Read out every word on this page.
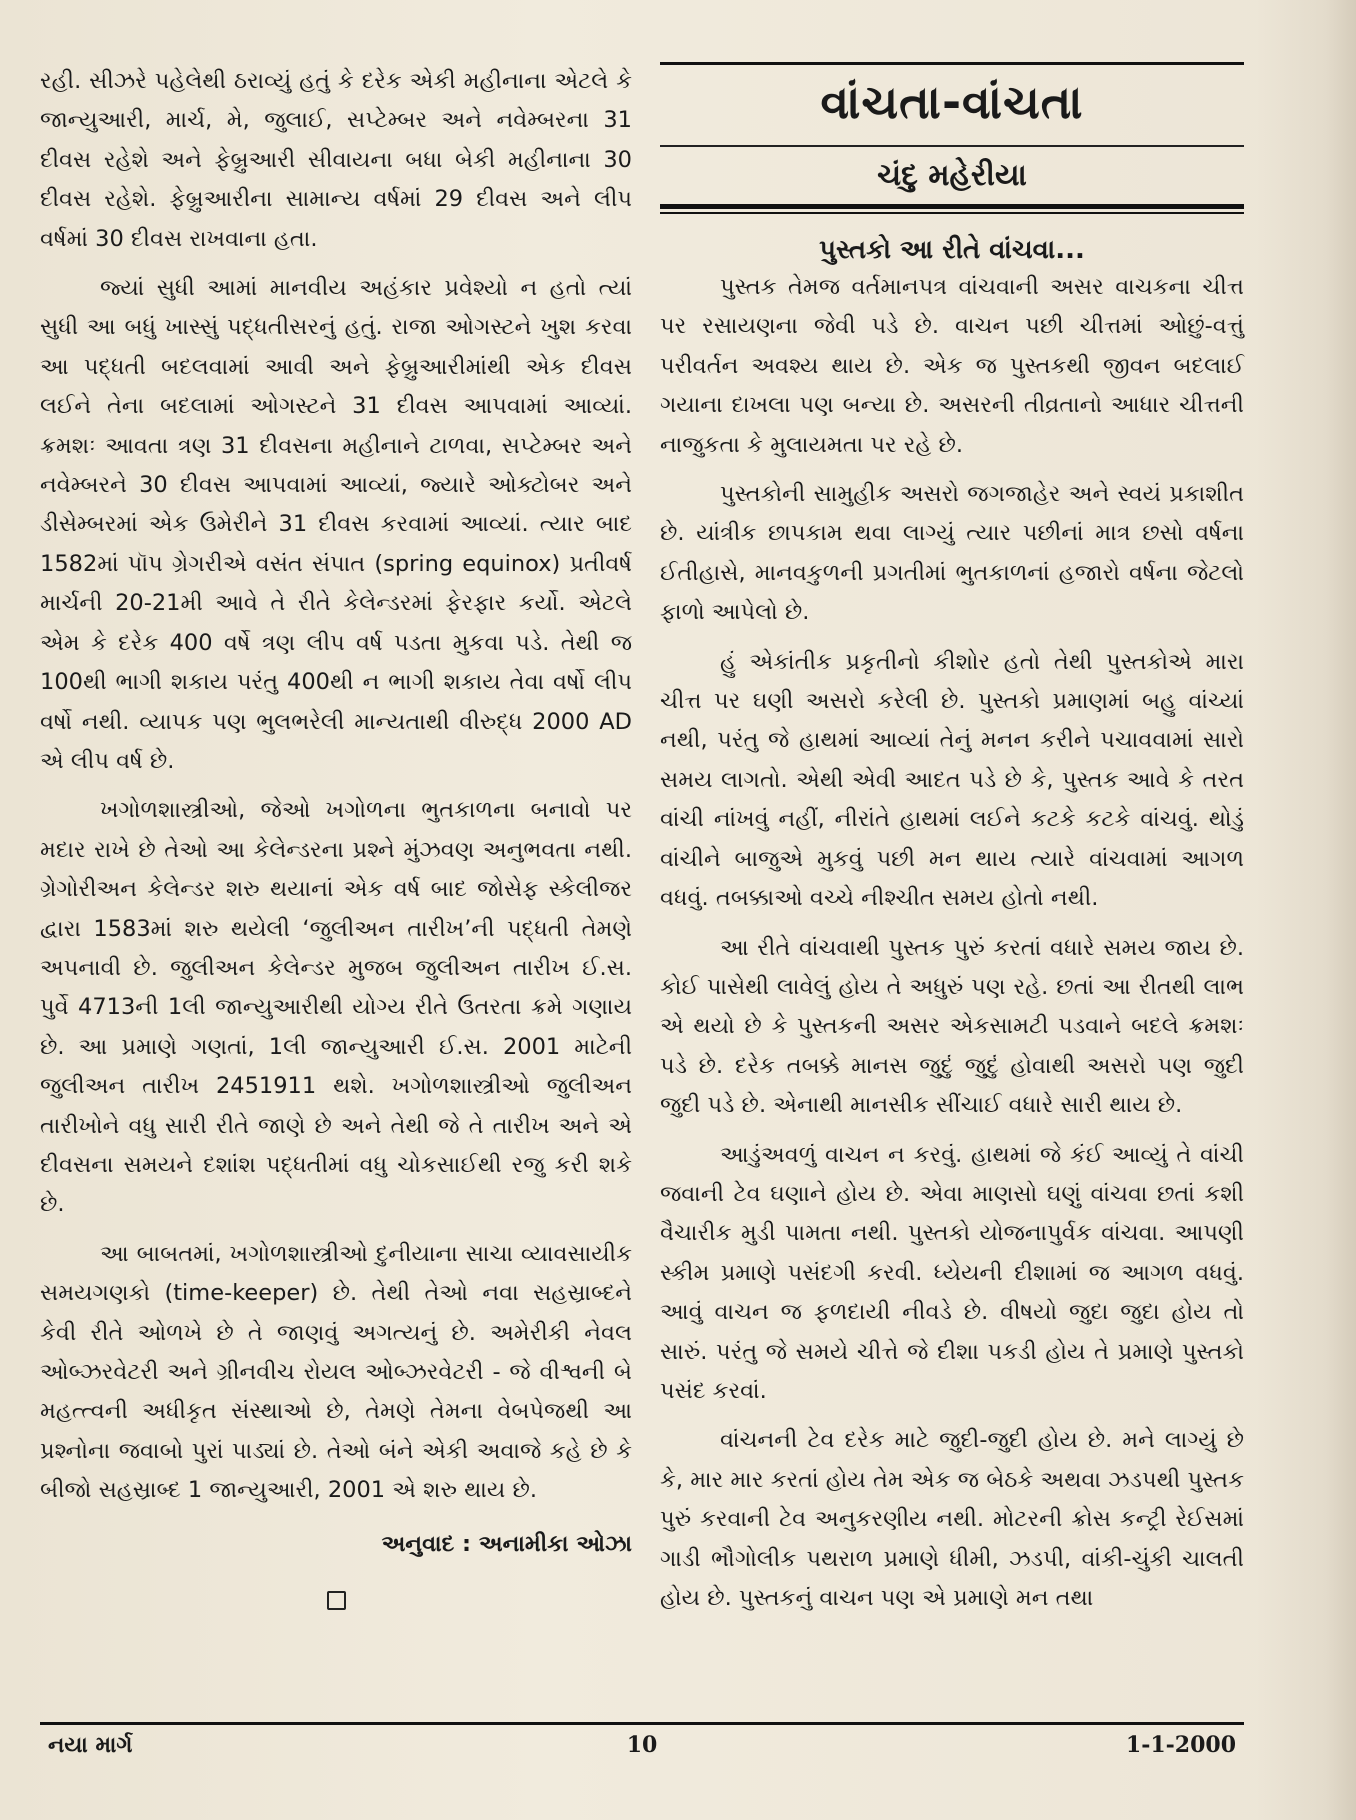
રહી. સીઝરે પહેલેથી ઠરાવ્યું હતું કે દરેક એકી મહીનાના એટલે કે જાન્યુઆરી, માર્ચ, મે, જુલાઈ, સપ્ટેમ્બર અને નવેમ્બરના 31 દીવસ રહેશે અને ફેબ્રુઆરી સીવાયના બધા બેકી મહીનાના 30 દીવસ રહેશે. ફેબ્રુઆરીના સામાન્ય વર્ષમાં 29 દીવસ અને લીપ વર્ષમાં 30 દીવસ રાખવાના હતા.

જ્યાં સુધી આમાં માનવીય અહંકાર પ્રવેશ્યો ન હતો ત્યાં સુધી આ બધું ખાસ્સું પદ્ધતીસરનું હતું. રાજા ઓગસ્ટને ખુશ કરવા આ પદ્ધતી બદલવામાં આવી અને ફેબ્રુઆરીમાંથી એક દીવસ લઈને તેના બદલામાં ઓગસ્ટને 31 દીવસ આપવામાં આવ્યાં. ક્રમશઃ આવતા ત્રણ 31 દીવસના મહીનાને ટાળવા, સપ્ટેમ્બર અને નવેમ્બરને 30 દીવસ આપવામાં આવ્યાં, જ્યારે ઓક્ટોબર અને ડીસેમ્બરમાં એક ઉમેરીને 31 દીવસ કરવામાં આવ્યાં. ત્યાર બાદ 1582માં પૉપ ગ્રેગરીએ વસંત સંપાત (spring equinox) પ્રતીવર્ષ માર્ચની 20-21મી આવે તે રીતે કેલેન્ડરમાં ફેરફાર કર્યો. એટલે એમ કે દરેક 400 વર્ષે ત્રણ લીપ વર્ષ પડતા મુકવા પડે. તેથી જ 100થી ભાગી શકાય પરંતુ 400થી ન ભાગી શકાય તેવા વર્ષો લીપ વર્ષો નથી. વ્યાપક પણ ભુલભરેલી માન્યતાથી વીરુદ્ધ 2000 AD એ લીપ વર્ષ છે.

ખગોળશાસ્ત્રીઓ, જેઓ ખગોળના ભુતકાળના બનાવો પર મદાર રાખે છે તેઓ આ કેલેન્ડરના પ્રશ્ને મુંઝવણ અનુભવતા નથી. ગ્રેગોરીઅન કેલેન્ડર શરુ થયાનાં એક વર્ષ બાદ જોસેફ સ્કેલીજર દ્વારા 1583માં શરુ થયેલી ‘જુલીઅન તારીખ’ની પદ્ધતી તેમણે અપનાવી છે. જુલીઅન કેલેન્ડર મુજબ જુલીઅન તારીખ ઈ.સ. પુર્વે 4713ની 1લી જાન્યુઆરીથી યોગ્ય રીતે ઉતરતા ક્રમે ગણાય છે. આ પ્રમાણે ગણતાં, 1લી જાન્યુઆરી ઈ.સ. 2001 માટેની જુલીઅન તારીખ 2451911 થશે. ખગોળશાસ્ત્રીઓ જુલીઅન તારીખોને વધુ સારી રીતે જાણે છે અને તેથી જે તે તારીખ અને એ દીવસના સમયને દશાંશ પદ્ધતીમાં વધુ ચોકસાઈથી રજુ કરી શકે છે.

આ બાબતમાં, ખગોળશાસ્ત્રીઓ દુનીયાના સાચા વ્યાવસાયીક સમયગણકો (time-keeper) છે. તેથી તેઓ નવા સહસ્રાબ્દને કેવી રીતે ઓળખે છે તે જાણવું અગત્યનું છે. અમેરીકી નેવલ ઓબ્ઝરવેટરી અને ગ્રીનવીચ રોયલ ઓબ્ઝરવેટરી - જે વીશ્વની બે મહત્ત્વની અધીકૃત સંસ્થાઓ છે, તેમણે તેમના વેબપેજથી આ પ્રશ્નોના જવાબો પુરાં પાડ્યાં છે. તેઓ બંને એકી અવાજે કહે છે કે બીજો સહસ્રાબ્દ 1 જાન્યુઆરી, 2001 એ શરુ થાય છે.

અનુવાદ : અનામીકા ઓઝા
વાંચતા-વાંચતા
ચંદુ મહેરીયા
પુસ્તકો આ રીતે વાંચવા...

પુસ્તક તેમજ વર્તમાનપત્ર વાંચવાની અસર વાચકના ચીત્ત પર રસાયણના જેવી પડે છે. વાચન પછી ચીત્તમાં ઓછું-વત્તું પરીવર્તન અવશ્ય થાય છે. એક જ પુસ્તકથી જીવન બદલાઈ ગયાના દાખલા પણ બન્યા છે. અસરની તીવ્રતાનો આધાર ચીત્તની નાજુકતા કે મુલાયમતા પર રહે છે.

પુસ્તકોની સામુહીક અસરો જગજાહેર અને સ્વયં પ્રકાશીત છે. યાંત્રીક છાપકામ થવા લાગ્યું ત્યાર પછીનાં માત્ર છસો વર્ષના ઈતીહાસે, માનવકુળની પ્રગતીમાં ભુતકાળનાં હજારો વર્ષના જેટલો ફાળો આપેલો છે.

હું એકાંતીક પ્રકૃતીનો કીશોર હતો તેથી પુસ્તકોએ મારા ચીત્ત પર ઘણી અસરો કરેલી છે. પુસ્તકો પ્રમાણમાં બહુ વાંચ્યાં નથી, પરંતુ જે હાથમાં આવ્યાં તેનું મનન કરીને પચાવવામાં સારો સમય લાગતો. એથી એવી આદત પડે છે કે, પુસ્તક આવે કે તરત વાંચી નાંખવું નહીં, નીરાંતે હાથમાં લઈને કટકે કટકે વાંચવું. થોડું વાંચીને બાજુએ મુકવું પછી મન થાય ત્યારે વાંચવામાં આગળ વધવું. તબક્કાઓ વચ્ચે નીશ્ચીત સમય હોતો નથી.

આ રીતે વાંચવાથી પુસ્તક પુરું કરતાં વધારે સમય જાય છે. કોઈ પાસેથી લાવેલું હોય તે અધુરું પણ રહે. છતાં આ રીતથી લાભ એ થયો છે કે પુસ્તકની અસર એકસામટી પડવાને બદલે ક્રમશઃ પડે છે. દરેક તબક્કે માનસ જુદું જુદું હોવાથી અસરો પણ જુદી જુદી પડે છે. એનાથી માનસીક સીંચાઈ વધારે સારી થાય છે.

આડુંઅવળું વાચન ન કરવું. હાથમાં જે કંઈ આવ્યું તે વાંચી જવાની ટેવ ઘણાને હોય છે. એવા માણસો ઘણું વાંચવા છતાં કશી વૈચારીક મુડી પામતા નથી. પુસ્તકો યોજનાપુર્વક વાંચવા. આપણી સ્કીમ પ્રમાણે પસંદગી કરવી. ધ્યેયની દીશામાં જ આગળ વધવું. આવું વાચન જ ફળદાયી નીવડે છે. વીષયો જુદા જુદા હોય તો સારું. પરંતુ જે સમયે ચીત્તે જે દીશા પકડી હોય તે પ્રમાણે પુસ્તકો પસંદ કરવાં.

વાંચનની ટેવ દરેક માટે જુદી-જુદી હોય છે. મને લાગ્યું છે કે, માર માર કરતાં હોય તેમ એક જ બેઠકે અથવા ઝડપથી પુસ્તક પુરું કરવાની ટેવ અનુકરણીય નથી. મોટરની ક્રોસ કન્ટ્રી રેઈસમાં ગાડી ભૌગોલીક પથરાળ પ્રમાણે ધીમી, ઝડપી, વાંકી-ચુંકી ચાલતી હોય છે. પુસ્તકનું વાચન પણ એ પ્રમાણે મન તથા

નયા માર્ગ	10	1-1-2000
